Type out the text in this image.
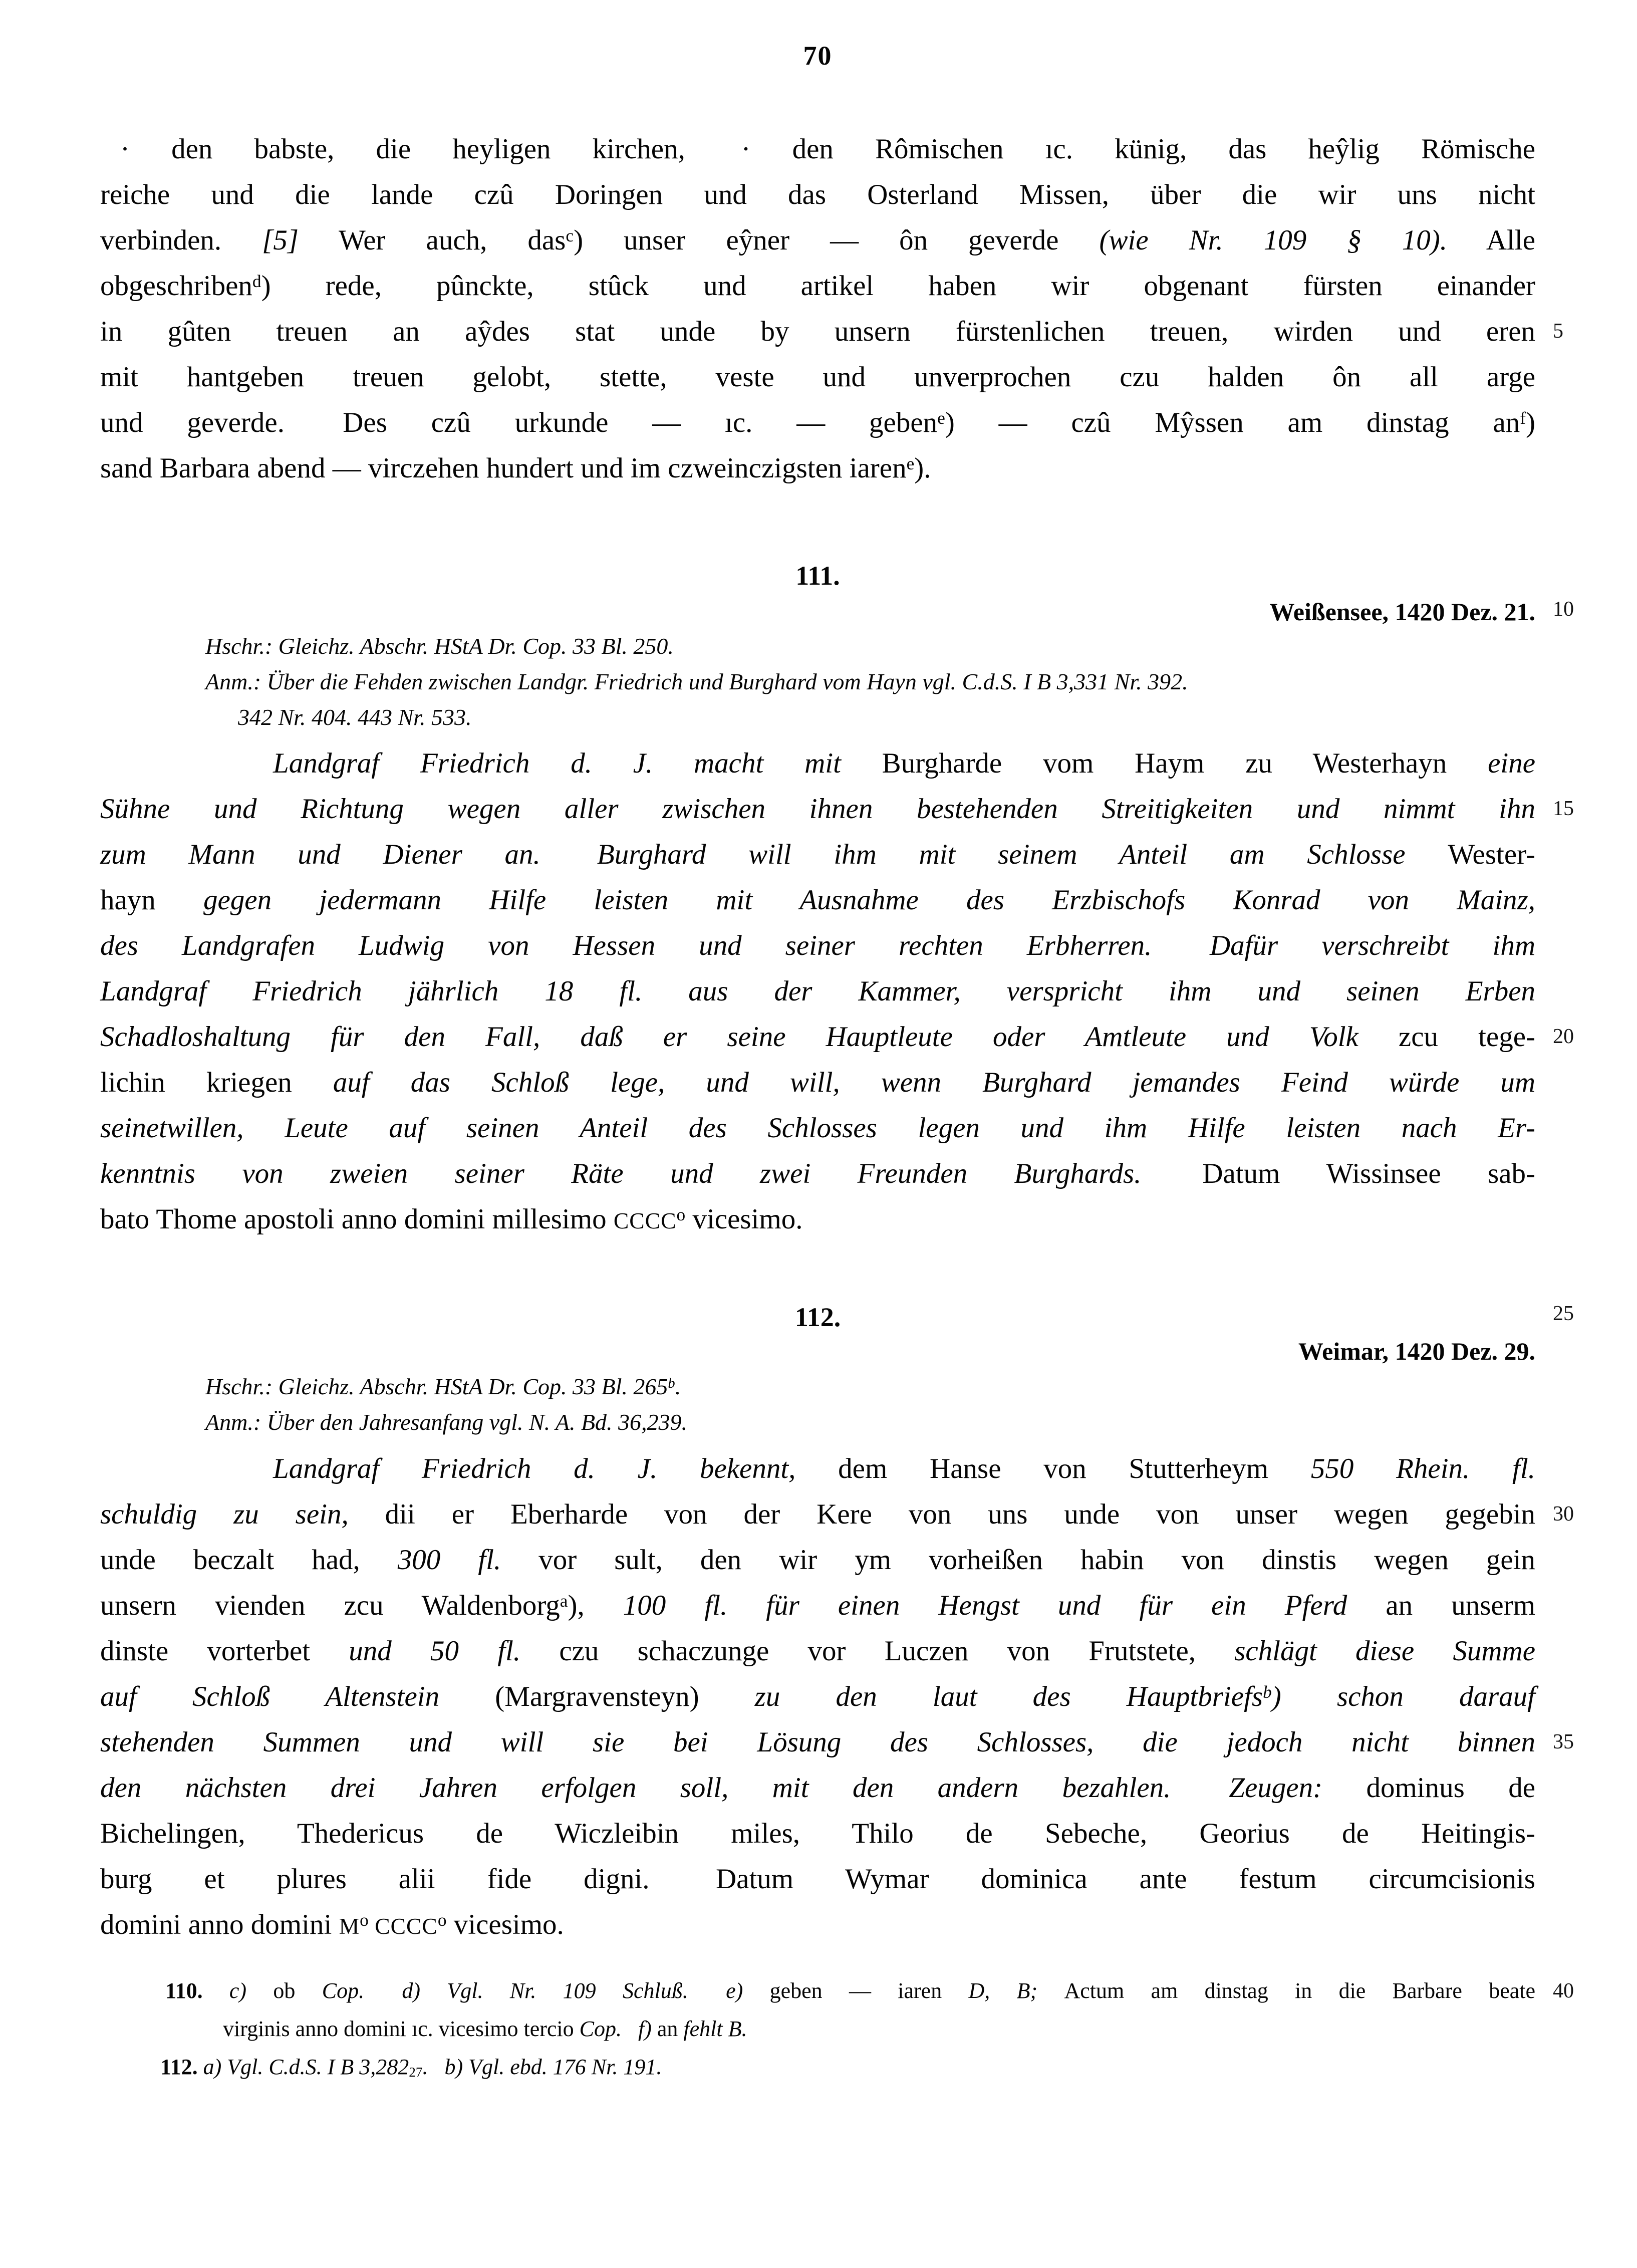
70
· den babste, die heyligen kirchen,  · den Rômischen ıc. künig, das heŷlig Römische
reiche und die lande czû Doringen und das Osterland Missen, über die wir uns nicht
verbinden. [5] Wer auch, das$^c$) unser eŷner — ôn geverde (wie Nr. 109 § 10). Alle
obgeschriben$^d$) rede, pûnckte, stûck und artikel haben wir obgenant fürsten einander
in gûten treuen an aŷdes stat unde by unsern fürstenlichen treuen, wirden und eren 5
mit hantgeben treuen gelobt, stette, veste und unverprochen czu halden ôn all arge
und geverde.  Des czû urkunde — ıc. — geben$^e$) — czû Mŷssen am dinstag $an^f$)
sand Barbara abend — virczehen hundert und im czweinczigsten iaren$^e$).
111.
Weißensee, 1420 Dez. 21. 10
Hschr.: Gleichz. Abschr. HStA Dr. Cop. 33 Bl. 250.
Anm.: Über die Fehden zwischen Landgr. Friedrich und Burghard vom Hayn vgl. C.d.S. I B 3,331 Nr. 392.
342 Nr. 404. 443 Nr. 533.
Landgraf Friedrich d. J. macht mit Burgharde vom Haym zu Westerhayn eine
Sühne und Richtung wegen aller zwischen ihnen bestehenden Streitigkeiten und nimmt ihn 15
zum Mann und Diener an.  Burghard will ihm mit seinem Anteil am Schlosse Wester-
hayn gegen jedermann Hilfe leisten mit Ausnahme des Erzbischofs Konrad von Mainz,
des Landgrafen Ludwig von Hessen und seiner rechten Erbherren.  Dafür verschreibt ihm
Landgraf Friedrich jährlich 18 fl. aus der Kammer, verspricht ihm und seinen Erben
Schadloshaltung für den Fall, daß er seine Hauptleute oder Amtleute und Volk zcu tege- 20
lichin kriegen auf das Schloß lege, und will, wenn Burghard jemandes Feind würde um
seinetwillen, Leute auf seinen Anteil des Schlosses legen und ihm Hilfe leisten nach Er-
kenntnis von zweien seiner Räte und zwei Freunden Burghards.  Datum Wissinsee sab-
bato Thome apostoli anno domini millesimo CCCC$^o$ vicesimo.
112.	25
Weimar, 1420 Dez. 29.
Hschr.: Gleichz. Abschr. HStA Dr. Cop. 33 Bl. 265$^b$.
Anm.: Über den Jahresanfang vgl. N. A. Bd. 36,239.
Landgraf Friedrich d. J. bekennt, dem Hanse von Stutterheym 550 Rhein. fl.
schuldig zu sein, dii er Eberharde von der Kere von uns unde von unser wegen gegebin 30
unde beczalt had, 300 fl. vor sult, den wir ym vorheißen habin von dinstis wegen gein
unsern vienden zcu Waldenborg$^a$), 100 fl. für einen Hengst und für ein Pferd an unserm
dinste vorterbet und 50 fl. czu schaczunge vor Luczen von Frutstete, schlägt diese Summe
auf Schloß Altenstein (Margravensteyn) zu den laut des Hauptbriefs$^b$) schon darauf
stehenden Summen und will sie bei Lösung des Schlosses, die jedoch nicht binnen 35
den nächsten drei Jahren erfolgen soll, mit den andern bezahlen.  Zeugen: dominus de
Bichelingen, Thedericus de Wiczleibin miles, Thilo de Sebeche, Georius de Heitingis-
burg et plures alii fide digni.  Datum Wymar dominica ante festum circumcisionis
domini anno domini $M^o$ CCCC$^o$ vicesimo.
110. c) ob Cop.  d) Vgl. Nr. 109 Schluß.  e) geben — iaren D, B; Actum am dinstag in die Barbare beate 40
virginis anno domini ıc. vicesimo tercio Cop.  f) an fehlt B.
112. a) Vgl. C.d.S. I B 3,28227.  b) Vgl. ebd. 176 Nr. 191.
